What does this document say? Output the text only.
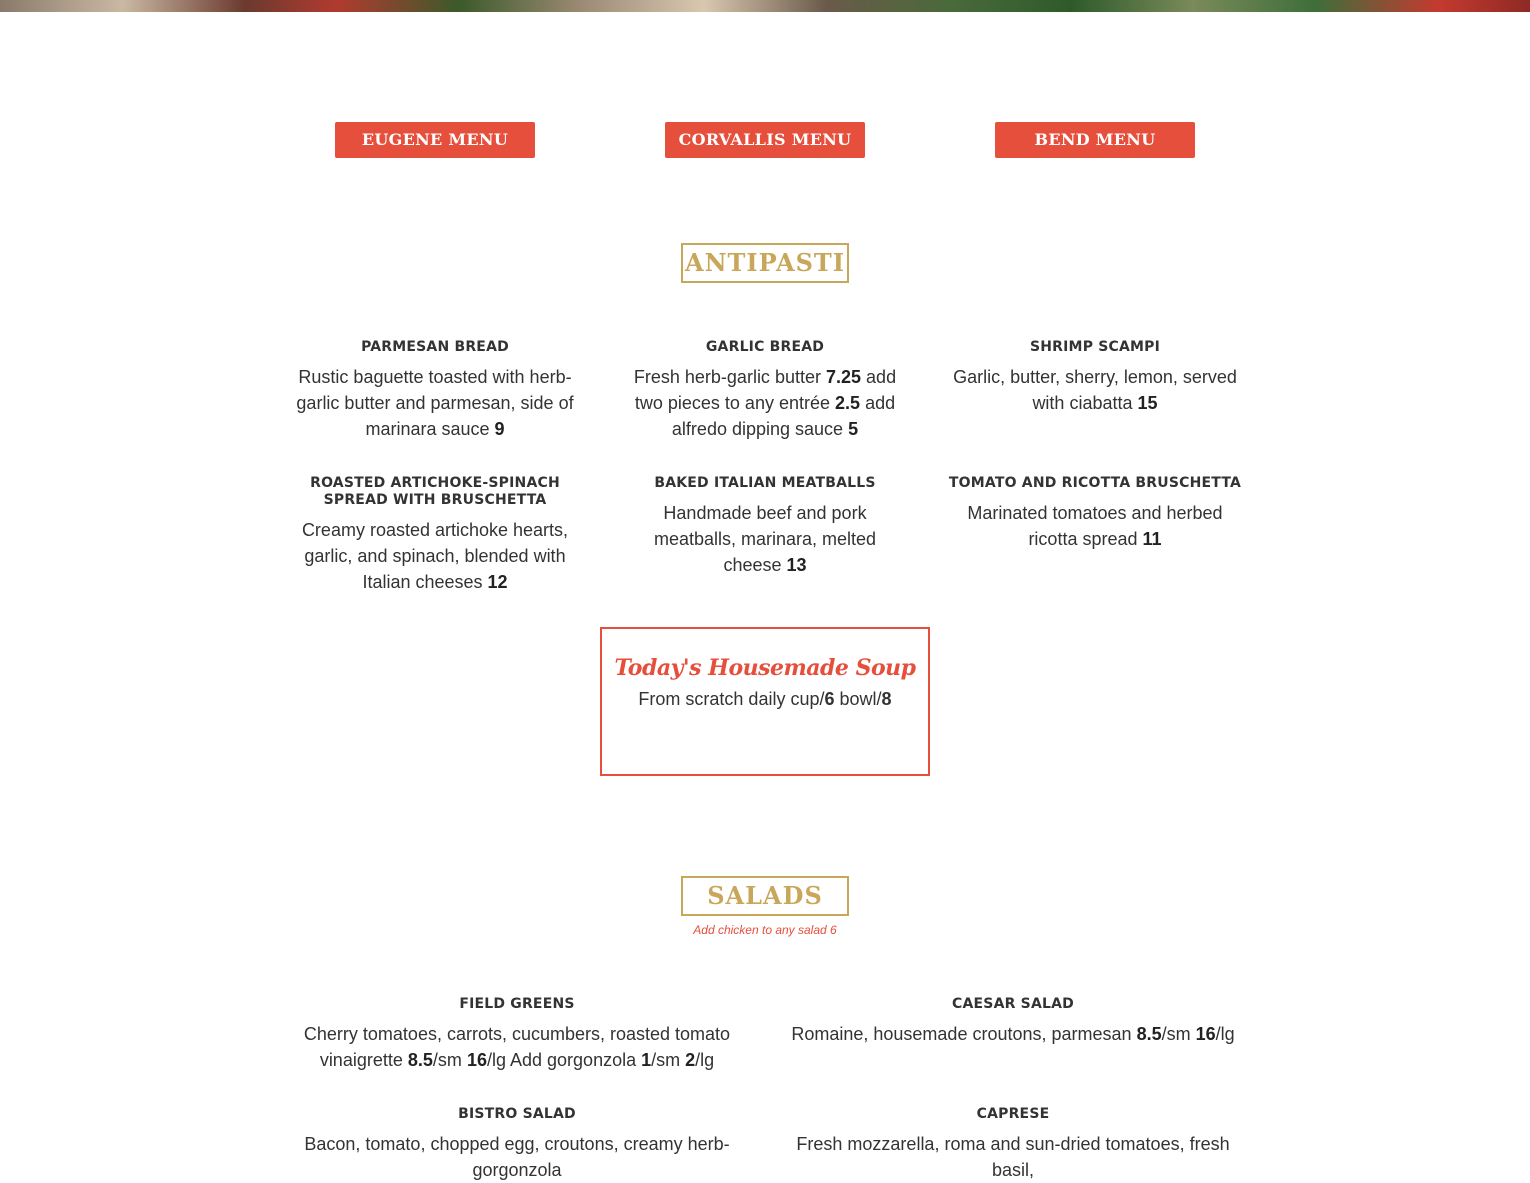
EUGENE MENU	CORVALLIS MENU	BEND MENU
ANTIPASTI
PARMESAN BREAD
Rustic baguette toasted with herb-garlic butter and parmesan, side of marinara sauce 9
GARLIC BREAD
Fresh herb-garlic butter 7.25 add two pieces to any entrée 2.5 add alfredo dipping sauce 5
SHRIMP SCAMPI
Garlic, butter, sherry, lemon, served with ciabatta 15
ROASTED ARTICHOKE-SPINACH SPREAD WITH BRUSCHETTA
Creamy roasted artichoke hearts, garlic, and spinach, blended with Italian cheeses 12
BAKED ITALIAN MEATBALLS
Handmade beef and pork meatballs, marinara, melted cheese 13
TOMATO AND RICOTTA BRUSCHETTA
Marinated tomatoes and herbed ricotta spread 11
Today's Housemade Soup
From scratch daily cup/6 bowl/8
SALADS
Add chicken to any salad 6
FIELD GREENS
Cherry tomatoes, carrots, cucumbers, roasted tomato vinaigrette 8.5/sm 16/lg Add gorgonzola 1/sm 2/lg
CAESAR SALAD
Romaine, housemade croutons, parmesan 8.5/sm 16/lg
BISTRO SALAD
Bacon, tomato, chopped egg, croutons, creamy herb-gorgonzola
CAPRESE
Fresh mozzarella, roma and sun-dried tomatoes, fresh basil,
